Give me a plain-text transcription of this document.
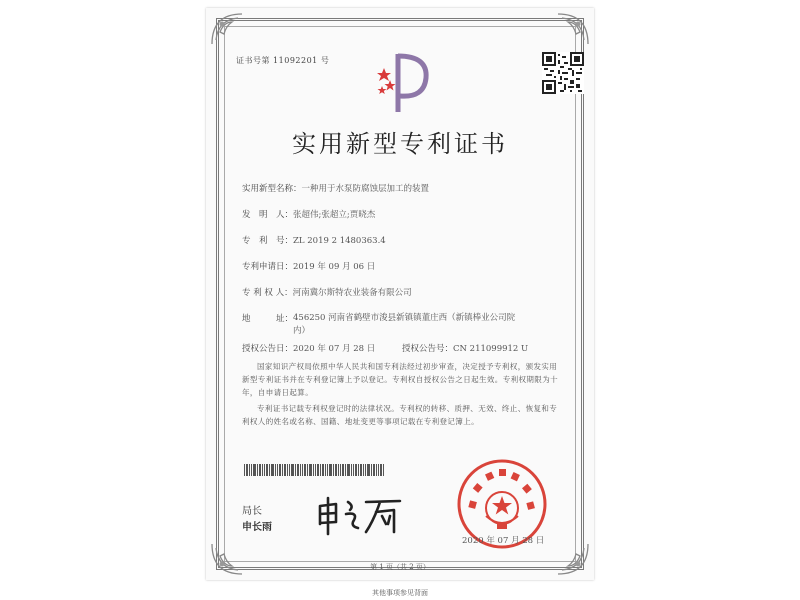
证书号第 11092201 号
实用新型专利证书
实用新型名称：一种用于水泵防腐蚀层加工的装置
发　明　人：张超伟;张超立;贾晓杰
专　利　号：ZL 2019 2 1480363.4
专利申请日：2019 年 09 月 06 日
专 利 权 人：河南冀尔斯特农业装备有限公司
地　　　址：456250 河南省鹤壁市浚县新镇镇董庄西（新镇棒业公司院内）
授权公告日：2020 年 07 月 28 日	授权公告号：CN 211099912 U
国家知识产权局依照中华人民共和国专利法经过初步审查，决定授予专利权，颁发实用新型专利证书并在专利登记簿上予以登记。专利权自授权公告之日起生效。专利权期限为十年，自申请日起算。
专利证书记载专利权登记时的法律状况。专利权的转移、质押、无效、终止、恢复和专利权人的姓名或名称、国籍、地址变更等事项记载在专利登记簿上。
局长
申长雨
2020 年 07 月 28 日
第 1 页（共 2 页）
其他事项参见背面
